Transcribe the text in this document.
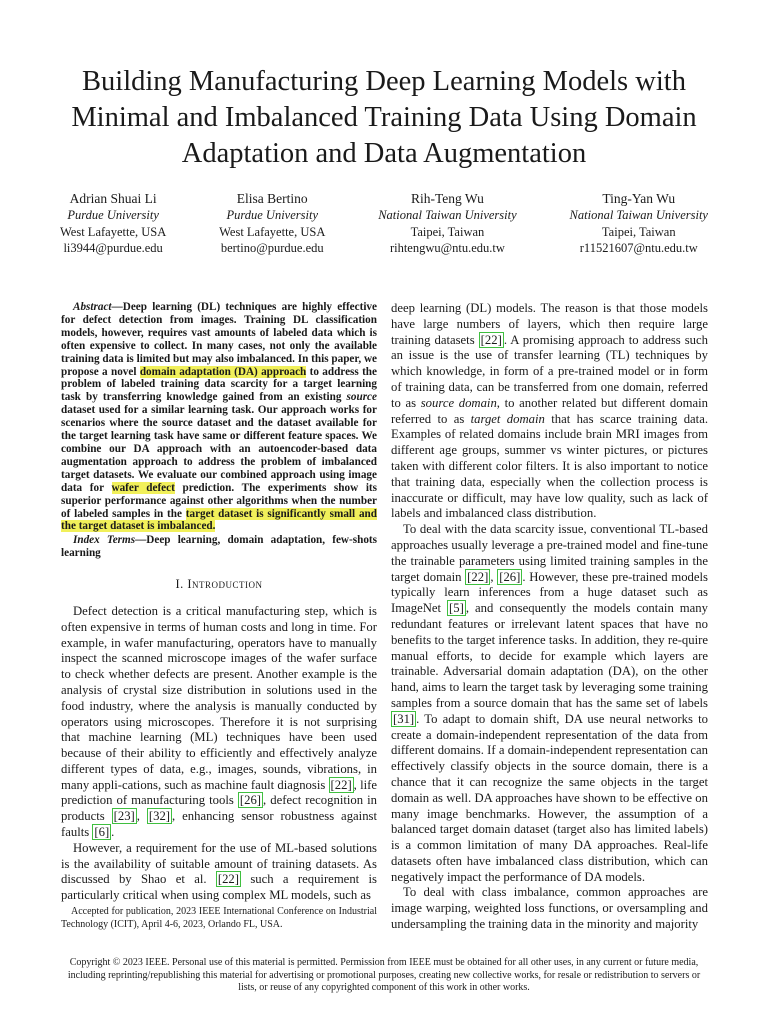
Building Manufacturing Deep Learning Models with Minimal and Imbalanced Training Data Using Domain Adaptation and Data Augmentation
Adrian Shuai Li
Purdue University
West Lafayette, USA
li3944@purdue.edu
Elisa Bertino
Purdue University
West Lafayette, USA
bertino@purdue.edu
Rih-Teng Wu
National Taiwan University
Taipei, Taiwan
rihtengwu@ntu.edu.tw
Ting-Yan Wu
National Taiwan University
Taipei, Taiwan
r11521607@ntu.edu.tw

Abstract—Deep learning (DL) techniques are highly effective for defect detection from images. Training DL classification models, however, requires vast amounts of labeled data which is often expensive to collect. In many cases, not only the available training data is limited but may also imbalanced. In this paper, we propose a novel domain adaptation (DA) approach to address the problem of labeled training data scarcity for a target learning task by transferring knowledge gained from an existing source dataset used for a similar learning task. Our approach works for scenarios where the source dataset and the dataset available for the target learning task have same or different feature spaces. We combine our DA approach with an autoencoder-based data augmentation approach to address the problem of imbalanced target datasets. We evaluate our combined approach using image data for wafer defect prediction. The experiments show its superior performance against other algorithms when the number of labeled samples in the target dataset is significantly small and the target dataset is imbalanced.

Index Terms—Deep learning, domain adaptation, few-shots learning

I. Introduction

Defect detection is a critical manufacturing step, which is often expensive in terms of human costs and long in time. For example, in wafer manufacturing, operators have to manually inspect the scanned microscope images of the wafer surface to check whether defects are present. Another example is the analysis of crystal size distribution in solutions used in the food industry, where the analysis is manually conducted by operators using microscopes. Therefore it is not surprising that machine learning (ML) techniques have been used because of their ability to efficiently and effectively analyze different types of data, e.g., images, sounds, vibrations, in many appli-cations, such as machine fault diagnosis [22] , life prediction of manufacturing tools [26] , defect recognition in products [23] , [32] , enhancing sensor robustness against faults [6] .

However, a requirement for the use of ML-based solutions is the availability of suitable amount of training datasets. As discussed by Shao et al. [22] such a requirement is particularly critical when using complex ML models, such as

Accepted for publication, 2023 IEEE International Conference on Industrial Technology (ICIT), April 4-6, 2023, Orlando FL, USA.

deep learning (DL) models. The reason is that those models have large numbers of layers, which then require large training datasets [22] . A promising approach to address such an issue is the use of transfer learning (TL) techniques by which knowledge, in form of a pre-trained model or in form of training data, can be transferred from one domain, referred to as source domain, to another related but different domain referred to as target domain that has scarce training data. Examples of related domains include brain MRI images from different age groups, summer vs winter pictures, or pictures taken with different color filters. It is also important to notice that training data, especially when the collection process is inaccurate or difficult, may have low quality, such as lack of labels and imbalanced class distribution.

To deal with the data scarcity issue, conventional TL-based approaches usually leverage a pre-trained model and fine-tune the trainable parameters using limited training samples in the target domain [22] , [26] . However, these pre-trained models typically learn inferences from a huge dataset such as ImageNet [5] , and consequently the models contain many redundant features or irrelevant latent spaces that have no benefits to the target inference tasks. In addition, they re-quire manual efforts, to decide for example which layers are trainable. Adversarial domain adaptation (DA), on the other hand, aims to learn the target task by leveraging some training samples from a source domain that has the same set of labels [31] . To adapt to domain shift, DA use neural networks to create a domain-independent representation of the data from different domains. If a domain-independent representation can effectively classify objects in the source domain, there is a chance that it can recognize the same objects in the target domain as well. DA approaches have shown to be effective on many image benchmarks. However, the assumption of a balanced target domain dataset (target also has limited labels) is a common limitation of many DA approaches. Real-life datasets often have imbalanced class distribution, which can negatively impact the performance of DA models.

To deal with class imbalance, common approaches are image warping, weighted loss functions, or oversampling and undersampling the training data in the minority and majority

Copyright © 2023 IEEE. Personal use of this material is permitted. Permission from IEEE must be obtained for all other uses, in any current or future media, including reprinting/republishing this material for advertising or promotional purposes, creating new collective works, for resale or redistribution to servers or lists, or reuse of any copyrighted component of this work in other works.
